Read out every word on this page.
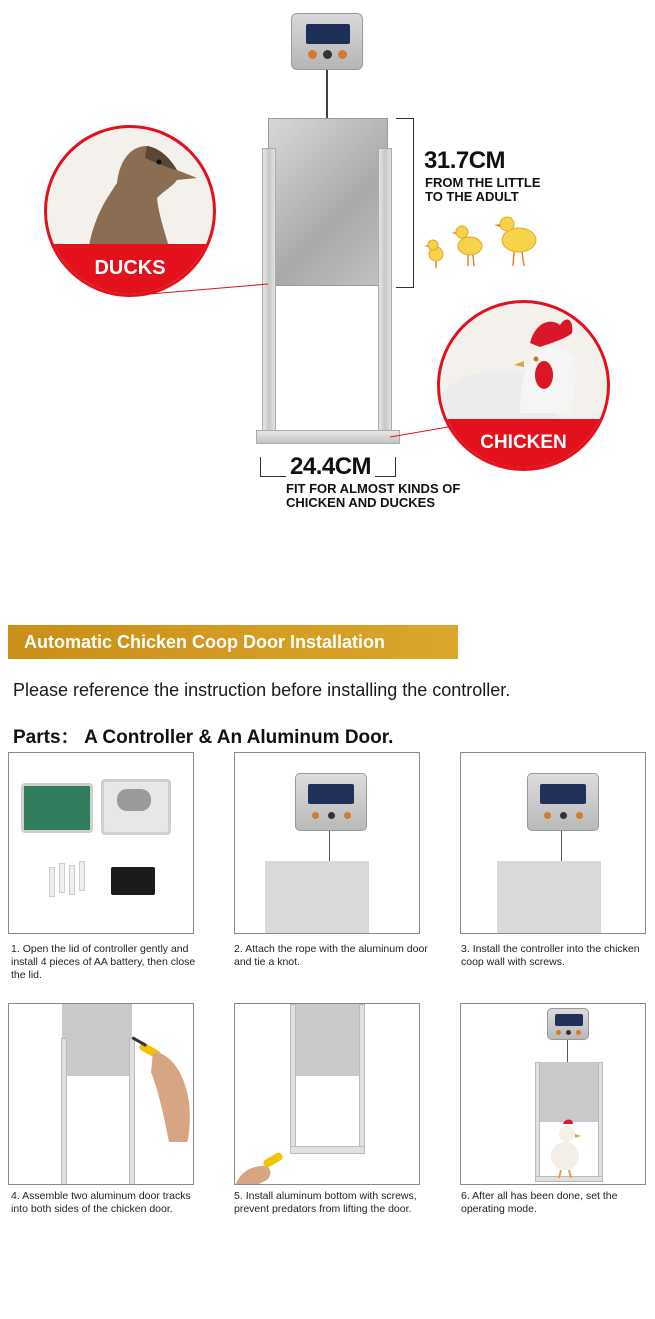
31.7CM
FROM THE LITTLE
TO THE ADULT
DUCKS
CHICKEN
24.4CM
FIT FOR ALMOST KINDS OF
CHICKEN AND DUCKES
Automatic Chicken Coop Door Installation
Please reference the instruction before installing the controller.
Parts： A Controller & An Aluminum Door.
1. Open the lid of controller gently and install 4 pieces of AA battery, then close the lid.
2. Attach the rope with the aluminum door and tie a knot.
3. Install the controller into the chicken coop wall with screws.
4. Assemble two aluminum door tracks into both sides of the chicken door.
5. Install aluminum bottom with screws, prevent predators from lifting the door.
6. After all has been done, set the operating mode.
